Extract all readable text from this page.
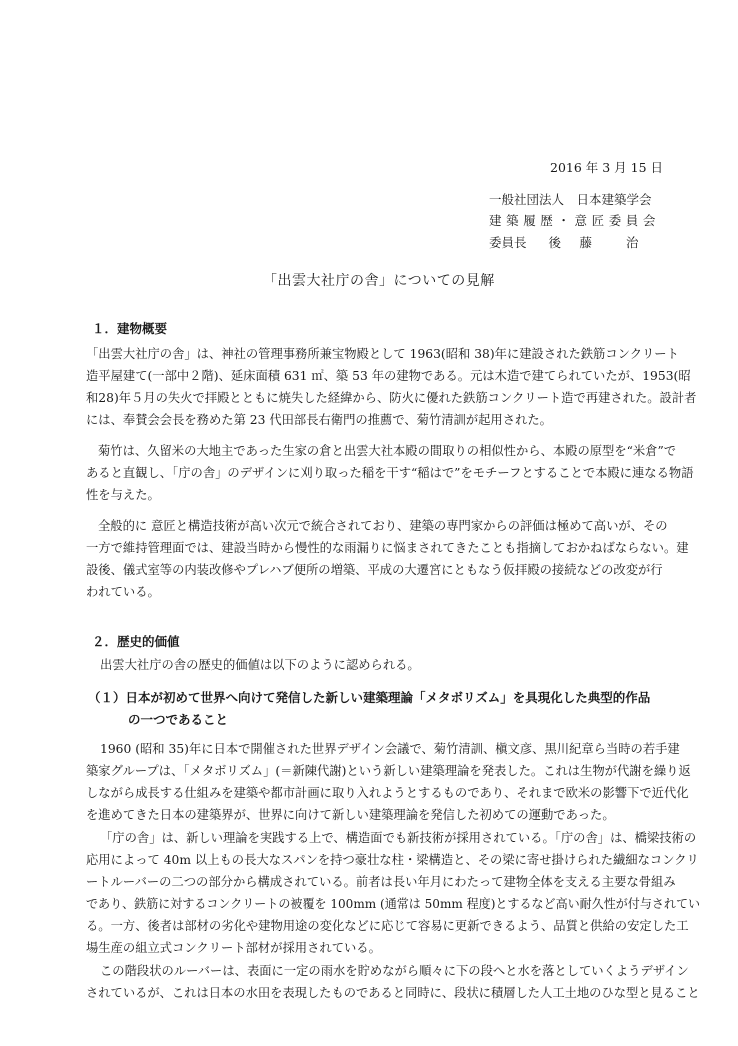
2016 年 3 月 15 日
一般社団法人　日本建築学会
建築履歴・意匠委員会
委員長 後　藤　　治
「出雲大社庁の舎」についての見解
１．建物概要
「出雲大社庁の舎」は、神社の管理事務所兼宝物殿として 1963(昭和 38)年に建設された鉄筋コンクリート
造平屋建て(一部中２階)、延床面積 631 ㎡、築 53 年の建物である。元は木造で建てられていたが、1953(昭
和28)年５月の失火で拝殿とともに焼失した経緯から、防火に優れた鉄筋コンクリート造で再建された。設計者
には、奉賛会会長を務めた第 23 代田部長右衛門の推薦で、菊竹清訓が起用された。
菊竹は、久留米の大地主であった生家の倉と出雲大社本殿の間取りの相似性から、本殿の原型を“米倉”で
あると直観し、「庁の舎」のデザインに刈り取った稲を干す“稲はで”をモチーフとすることで本殿に連なる物語
性を与えた。
全般的に 意匠と構造技術が高い次元で統合されており、建築の専門家からの評価は極めて高いが、その
一方で維持管理面では、建設当時から慢性的な雨漏りに悩まされてきたことも指摘しておかねばならない。建
設後、儀式室等の内装改修やプレハブ便所の増築、平成の大遷宮にともなう仮拝殿の接続などの改変が行
われている。
２．歴史的価値
出雲大社庁の舎の歴史的価値は以下のように認められる。
（１）日本が初めて世界へ向けて発信した新しい建築理論「メタボリズム」を具現化した典型的作品
の一つであること
1960 (昭和 35)年に日本で開催された世界デザイン会議で、菊竹清訓、槇文彦、黒川紀章ら当時の若手建
築家グループは、「メタボリズム」(＝新陳代謝)という新しい建築理論を発表した。これは生物が代謝を繰り返
しながら成長する仕組みを建築や都市計画に取り入れようとするものであり、それまで欧米の影響下で近代化
を進めてきた日本の建築界が、世界に向けて新しい建築理論を発信した初めての運動であった。
「庁の舎」は、新しい理論を実践する上で、構造面でも新技術が採用されている。「庁の舎」は、橋梁技術の
応用によって 40m 以上もの長大なスパンを持つ豪壮な柱・梁構造と、その梁に寄せ掛けられた繊細なコンクリ
ートルーバーの二つの部分から構成されている。前者は長い年月にわたって建物全体を支える主要な骨組み
であり、鉄筋に対するコンクリートの被覆を 100mm (通常は 50mm 程度)とするなど高い耐久性が付与されてい
る。一方、後者は部材の劣化や建物用途の変化などに応じて容易に更新できるよう、品質と供給の安定した工
場生産の組立式コンクリート部材が採用されている。
この階段状のルーバーは、表面に一定の雨水を貯めながら順々に下の段へと水を落としていくようデザイン
されているが、これは日本の水田を表現したものであると同時に、段状に積層した人工土地のひな型と見ること
